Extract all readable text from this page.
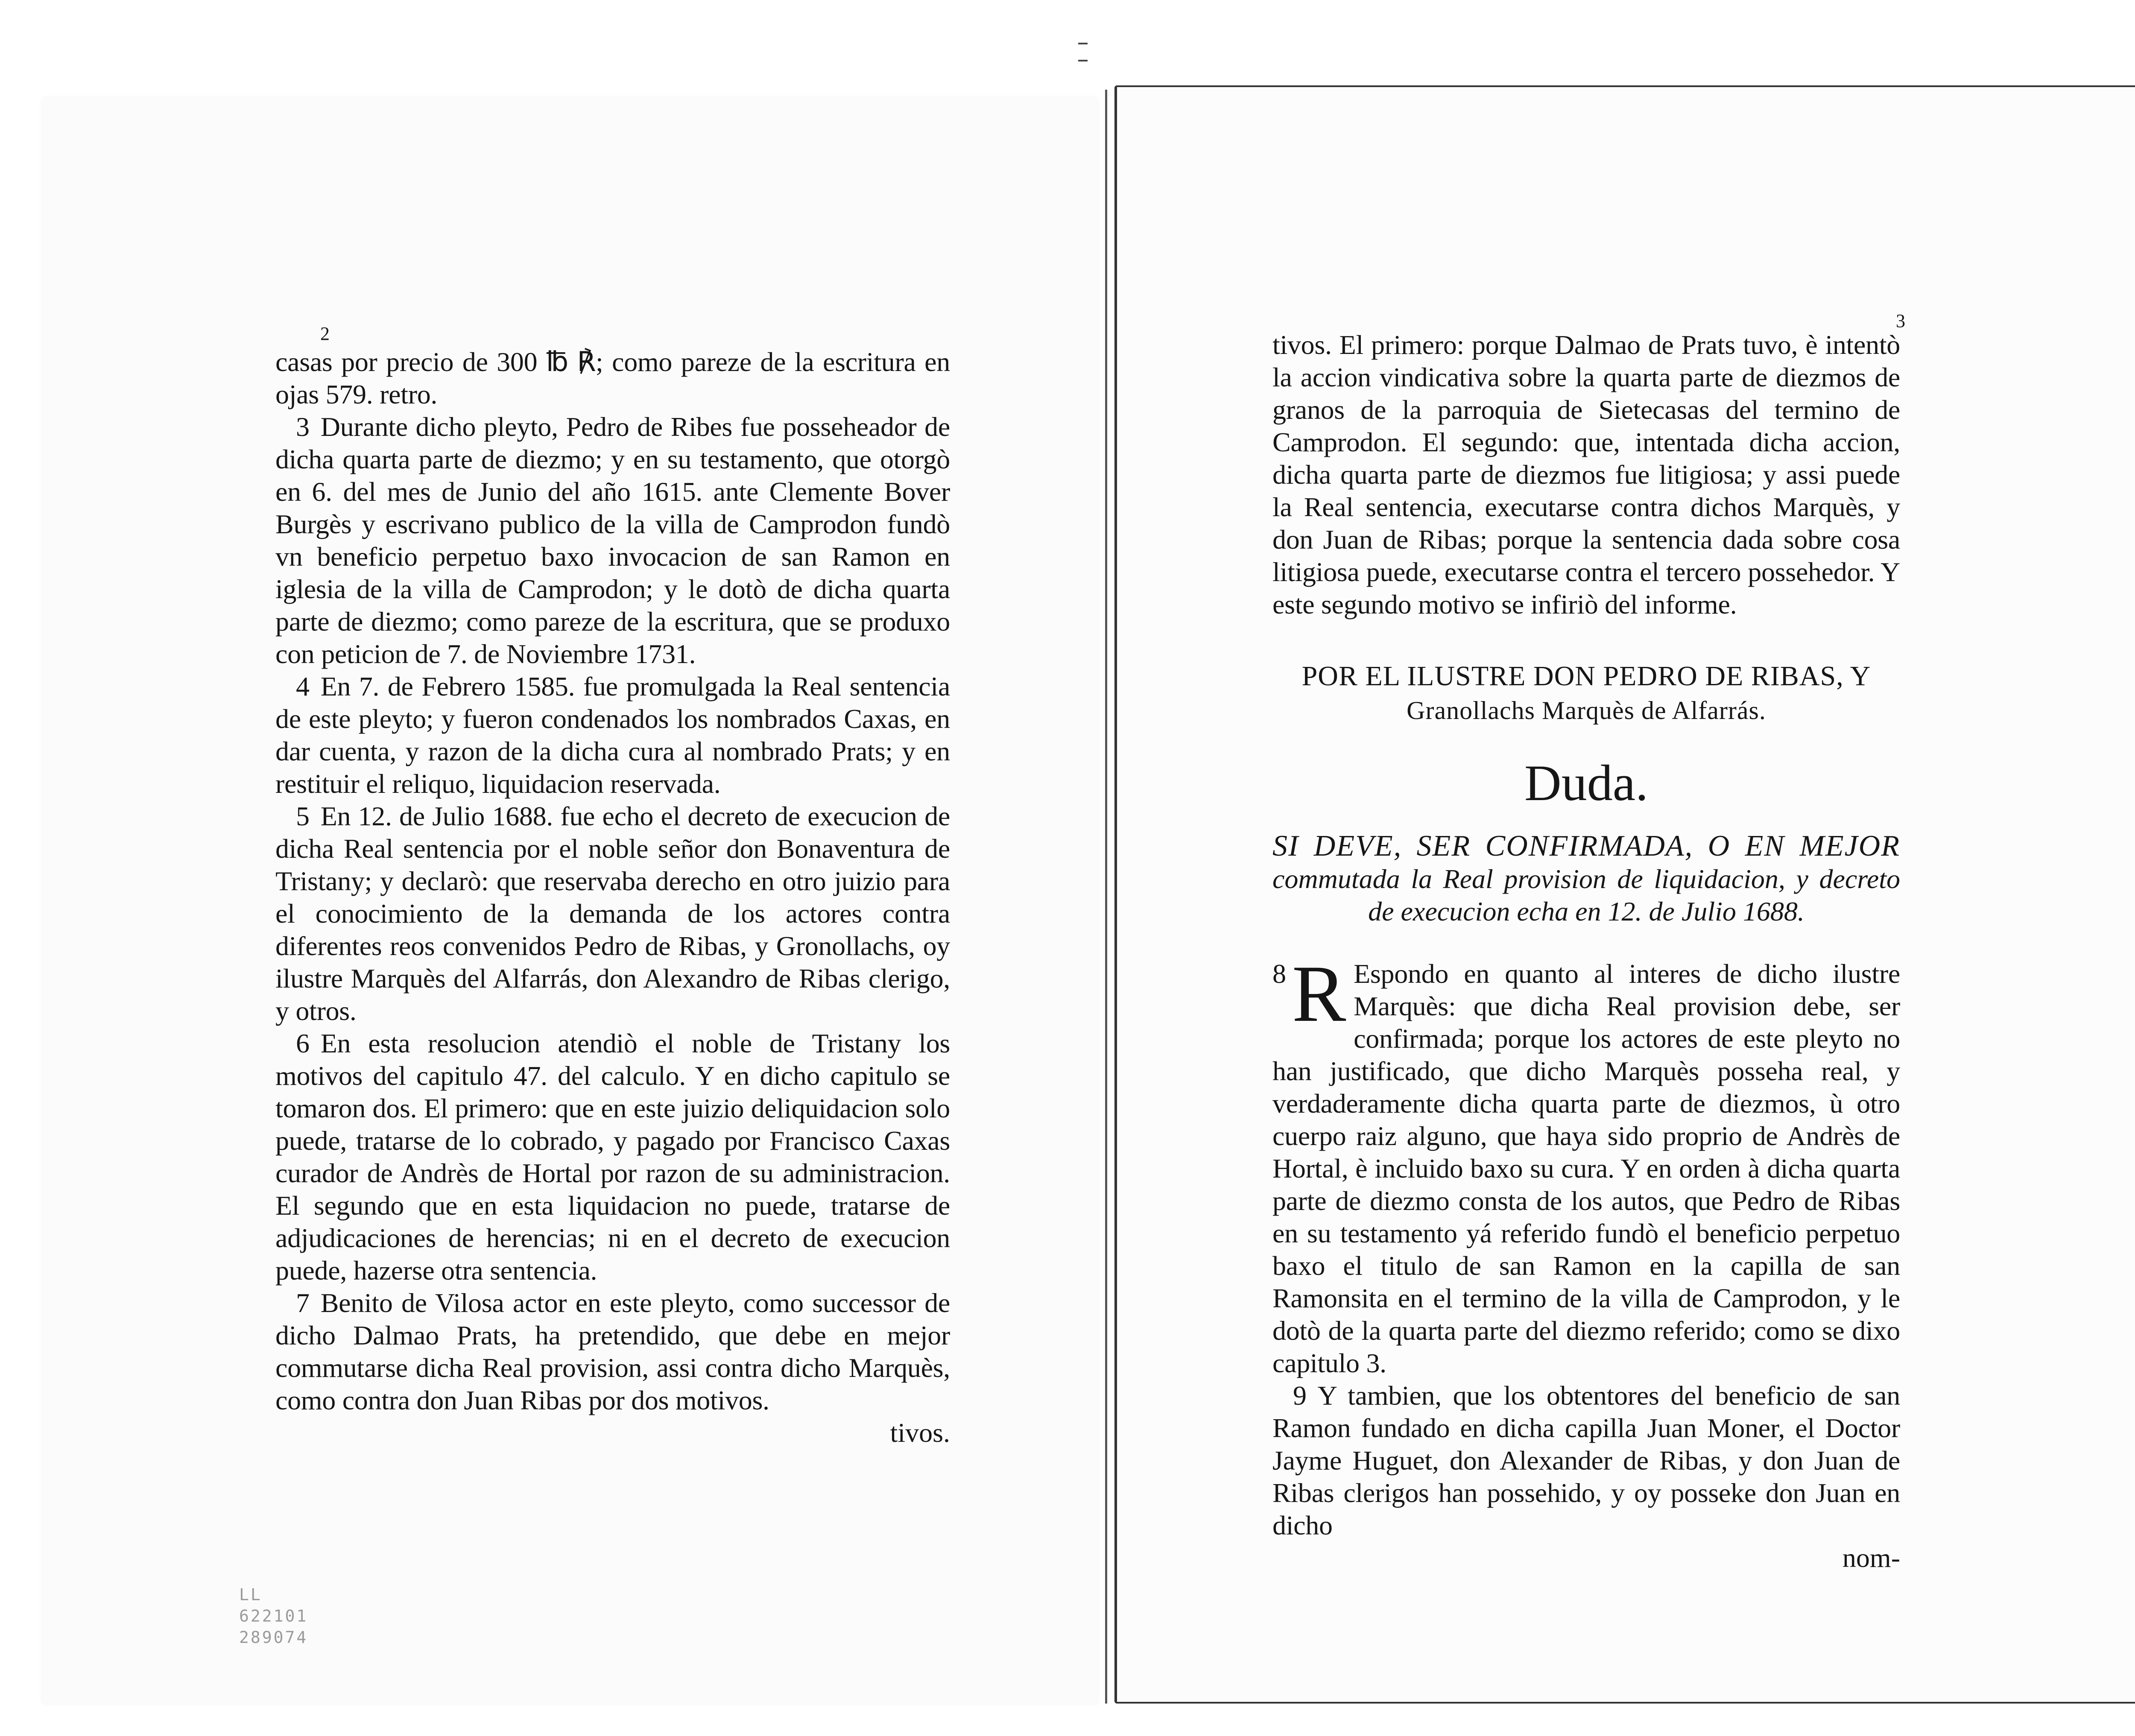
2

casas por precio de 300 ℔ ℟; como pareze de la escritura en ojas 579. retro.

3 Durante dicho pleyto, Pedro de Ribes fue posseheador de dicha quarta parte de diezmo; y en su testamento, que otorgò en 6. del mes de Junio del año 1615. ante Clemente Bover Burgès y escrivano publico de la villa de Camprodon fundò vn beneficio perpetuo baxo invocacion de san Ramon en iglesia de la villa de Camprodon; y le dotò de dicha quarta parte de diezmo; como pareze de la escritura, que se produxo con peticion de 7. de Noviembre 1731.

4 En 7. de Febrero 1585. fue promulgada la Real sentencia de este pleyto; y fueron condenados los nombrados Caxas, en dar cuenta, y razon de la dicha cura al nombrado Prats; y en restituir el reliquo, liquidacion reservada.

5 En 12. de Julio 1688. fue echo el decreto de execucion de dicha Real sentencia por el noble señor don Bonaventura de Tristany; y declarò: que reservaba derecho en otro juizio para el conocimiento de la demanda de los actores contra diferentes reos convenidos Pedro de Ribas, y Gronollachs, oy ilustre Marquès del Alfarrás, don Alexandro de Ribas clerigo, y otros.

6 En esta resolucion atendiò el noble de Tristany los motivos del capitulo 47. del calculo. Y en dicho capitulo se tomaron dos. El primero: que en este juizio deliquidacion solo puede, tratarse de lo cobrado, y pagado por Francisco Caxas curador de Andrès de Hortal por razon de su administracion. El segundo que en esta liquidacion no puede, tratarse de adjudicaciones de herencias; ni en el decreto de execucion puede, hazerse otra sentencia.

7 Benito de Vilosa actor en este pleyto, como successor de dicho Dalmao Prats, ha pretendido, que debe en mejor commutarse dicha Real provision, assi contra dicho Marquès, como contra don Juan Ribas por dos motivos.

tivos.

LL
622101
289074
3

tivos. El primero: porque Dalmao de Prats tuvo, è intentò la accion vindicativa sobre la quarta parte de diezmos de granos de la parroquia de Sietecasas del termino de Camprodon. El segundo: que, intentada dicha accion, dicha quarta parte de diezmos fue litigiosa; y assi puede la Real sentencia, executarse contra dichos Marquès, y don Juan de Ribas; porque la sentencia dada sobre cosa litigiosa puede, executarse contra el tercero possehedor. Y este segundo motivo se infiriò del informe.

POR EL ILUSTRE DON PEDRO DE RIBAS, Y
Granollachs Marquès de Alfarrás.

Duda.

SI DEVE, SER CONFIRMADA, O EN MEJOR commutada la Real provision de liquidacion, y decreto de execucion echa en 12. de Julio 1688.

8 R Espondo en quanto al interes de dicho ilustre Marquès: que dicha Real provision debe, ser confirmada; porque los actores de este pleyto no han justificado, que dicho Marquès posseha real, y verdaderamente dicha quarta parte de diezmos, ù otro cuerpo raiz alguno, que haya sido proprio de Andrès de Hortal, è incluido baxo su cura. Y en orden à dicha quarta parte de diezmo consta de los autos, que Pedro de Ribas en su testamento yá referido fundò el beneficio perpetuo baxo el titulo de san Ramon en la capilla de san Ramonsita en el termino de la villa de Camprodon, y le dotò de la quarta parte del diezmo referido; como se dixo capitulo 3.

9 Y tambien, que los obtentores del beneficio de san Ramon fundado en dicha capilla Juan Moner, el Doctor Jayme Huguet, don Alexander de Ribas, y don Juan de Ribas clerigos han possehido, y oy posseke don Juan en dicho

nom-
